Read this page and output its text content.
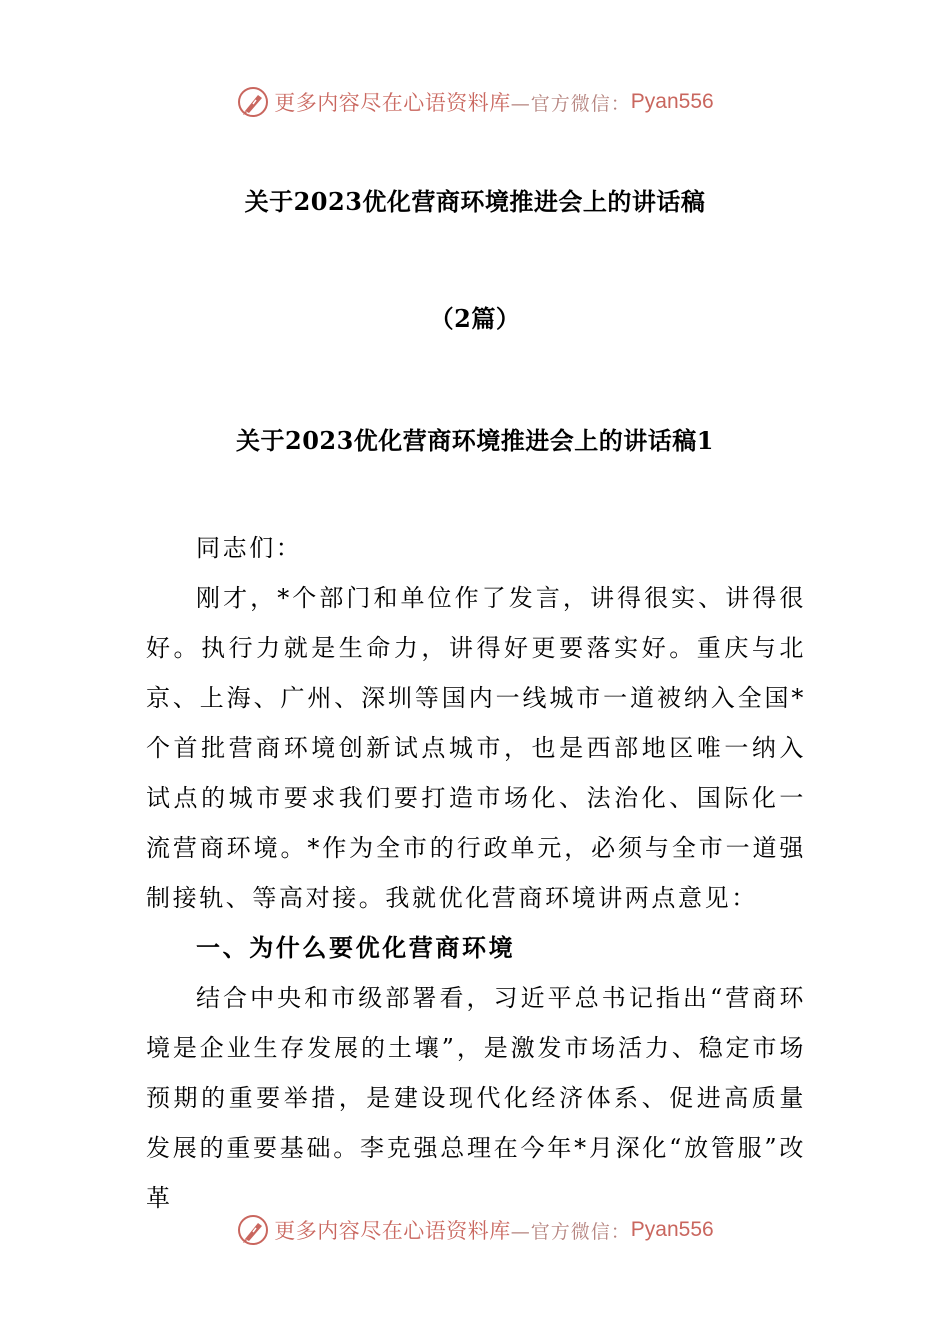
更多内容尽在心语资料库 —官方微信： Pyan556
关于2023优化营商环境推进会上的讲话稿
（2篇）
关于2023优化营商环境推进会上的讲话稿1

同志们：

刚才，*个部门和单位作了发言，讲得很实、讲得很好。执行力就是生命力，讲得好更要落实好。重庆与北京、上海、广州、深圳等国内一线城市一道被纳入全国*个首批营商环境创新试点城市，也是西部地区唯一纳入试点的城市要求我们要打造市场化、法治化、国际化一流营商环境。*作为全市的行政单元，必须与全市一道强制接轨、等高对接。我就优化营商环境讲两点意见：

一、为什么要优化营商环境

结合中央和市级部署看，习近平总书记指出“营商环境是企业生存发展的土壤”，是激发市场活力、稳定市场预期的重要举措，是建设现代化经济体系、促进高质量发展的重要基础。李克强总理在今年*月深化“放管服”改革

更多内容尽在心语资料库 —官方微信： Pyan556
